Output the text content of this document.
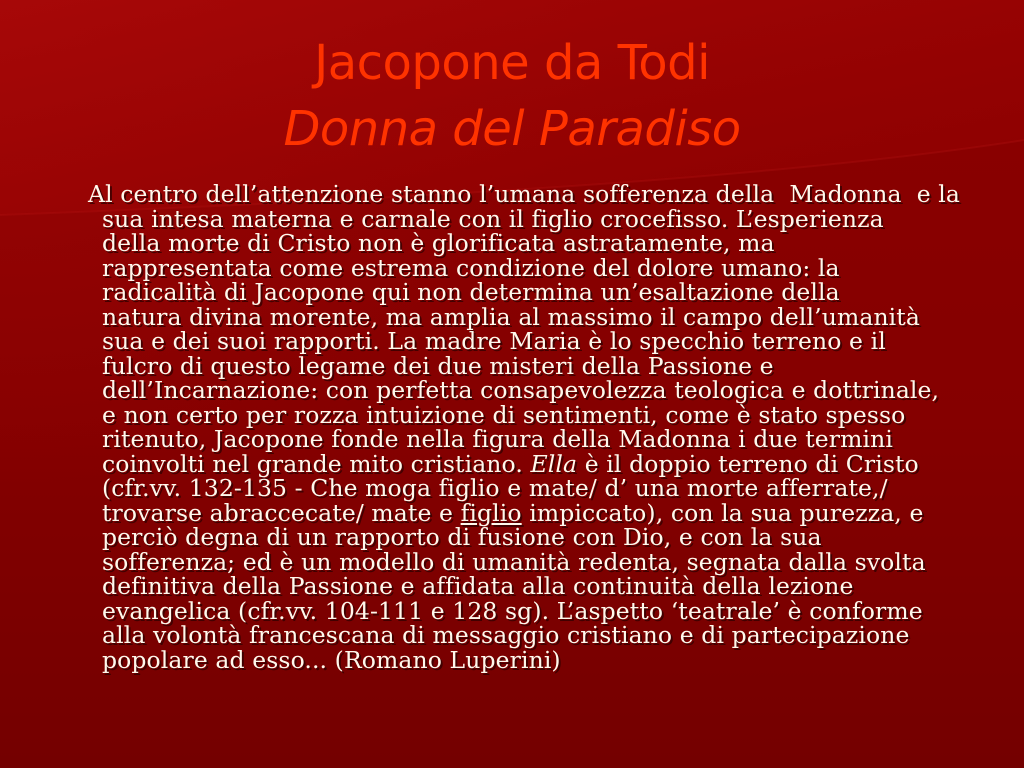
Jacopone da Todi
Donna del Paradiso
Al centro dell’attenzione stanno l’umana sofferenza della  Madonna  e la
sua intesa materna e carnale con il figlio crocefisso. L’esperienza
della morte di Cristo non è glorificata astratamente, ma
rappresentata come estrema condizione del dolore umano: la
radicalità di Jacopone qui non determina un’esaltazione della
natura divina morente, ma amplia al massimo il campo dell’umanità
sua e dei suoi rapporti. La madre Maria è lo specchio terreno e il
fulcro di questo legame dei due misteri della Passione e
dell’Incarnazione: con perfetta consapevolezza teologica e dottrinale,
e non certo per rozza intuizione di sentimenti, come è stato spesso
ritenuto, Jacopone fonde nella figura della Madonna i due termini
coinvolti nel grande mito cristiano. Ella è il doppio terreno di Cristo
(cfr.vv. 132-135 - Che moga figlio e mate/ d’ una morte afferrate,/
trovarse abraccecate/ mate e figlio impiccato), con la sua purezza, e
perciò degna di un rapporto di fusione con Dio, e con la sua
sofferenza; ed è un modello di umanità redenta, segnata dalla svolta
definitiva della Passione e affidata alla continuità della lezione
evangelica (cfr.vv. 104-111 e 128 sg). L’aspetto ‘teatrale’ è conforme
alla volontà francescana di messaggio cristiano e di partecipazione
popolare ad esso... (Romano Luperini)
